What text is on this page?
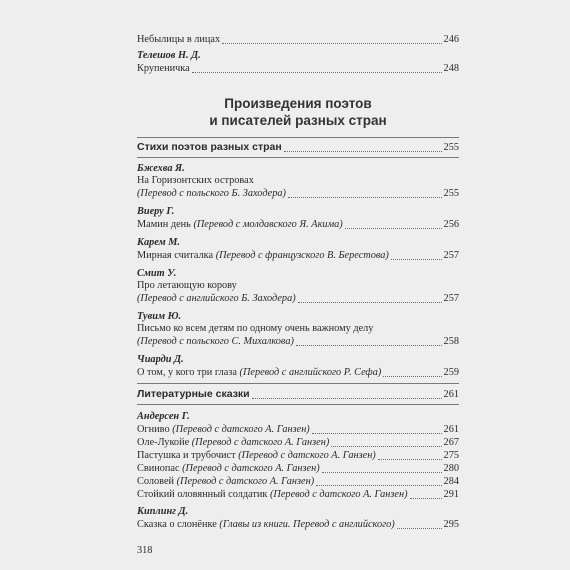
Небылицы в лицах	246
Телешов Н. Д.
Крупеничка	248
Произведения поэтов
и писателей разных стран
Стихи поэтов разных стран	255
Бжехва Я.
На Горизонтских островах
(Перевод с польского Б. Заходера)	255
Виеру Г.
Мамин день (Перевод с молдавского Я. Акима)	256
Карем М.
Мирная считалка (Перевод с французского В. Берестова)	257
Смит У.
Про летающую корову
(Перевод с английского Б. Заходера)	257
Тувим Ю.
Письмо ко всем детям по одному очень важному делу
(Перевод с польского С. Михалкова)	258
Чиарди Д.
О том, у кого три глаза (Перевод с английского Р. Сефа)	259
Литературные сказки	261
Андерсен Г.
Огниво (Перевод с датского А. Ганзен)	261
Оле-Лукойе (Перевод с датского А. Ганзен)	267
Пастушка и трубочист (Перевод с датского А. Ганзен)	275
Свинопас (Перевод с датского А. Ганзен)	280
Соловей (Перевод с датского А. Ганзен)	284
Стойкий оловянный солдатик (Перевод с датского А. Ганзен)	291
Киплинг Д.
Сказка о слонёнке (Главы из книги. Перевод с английского)	295
318
